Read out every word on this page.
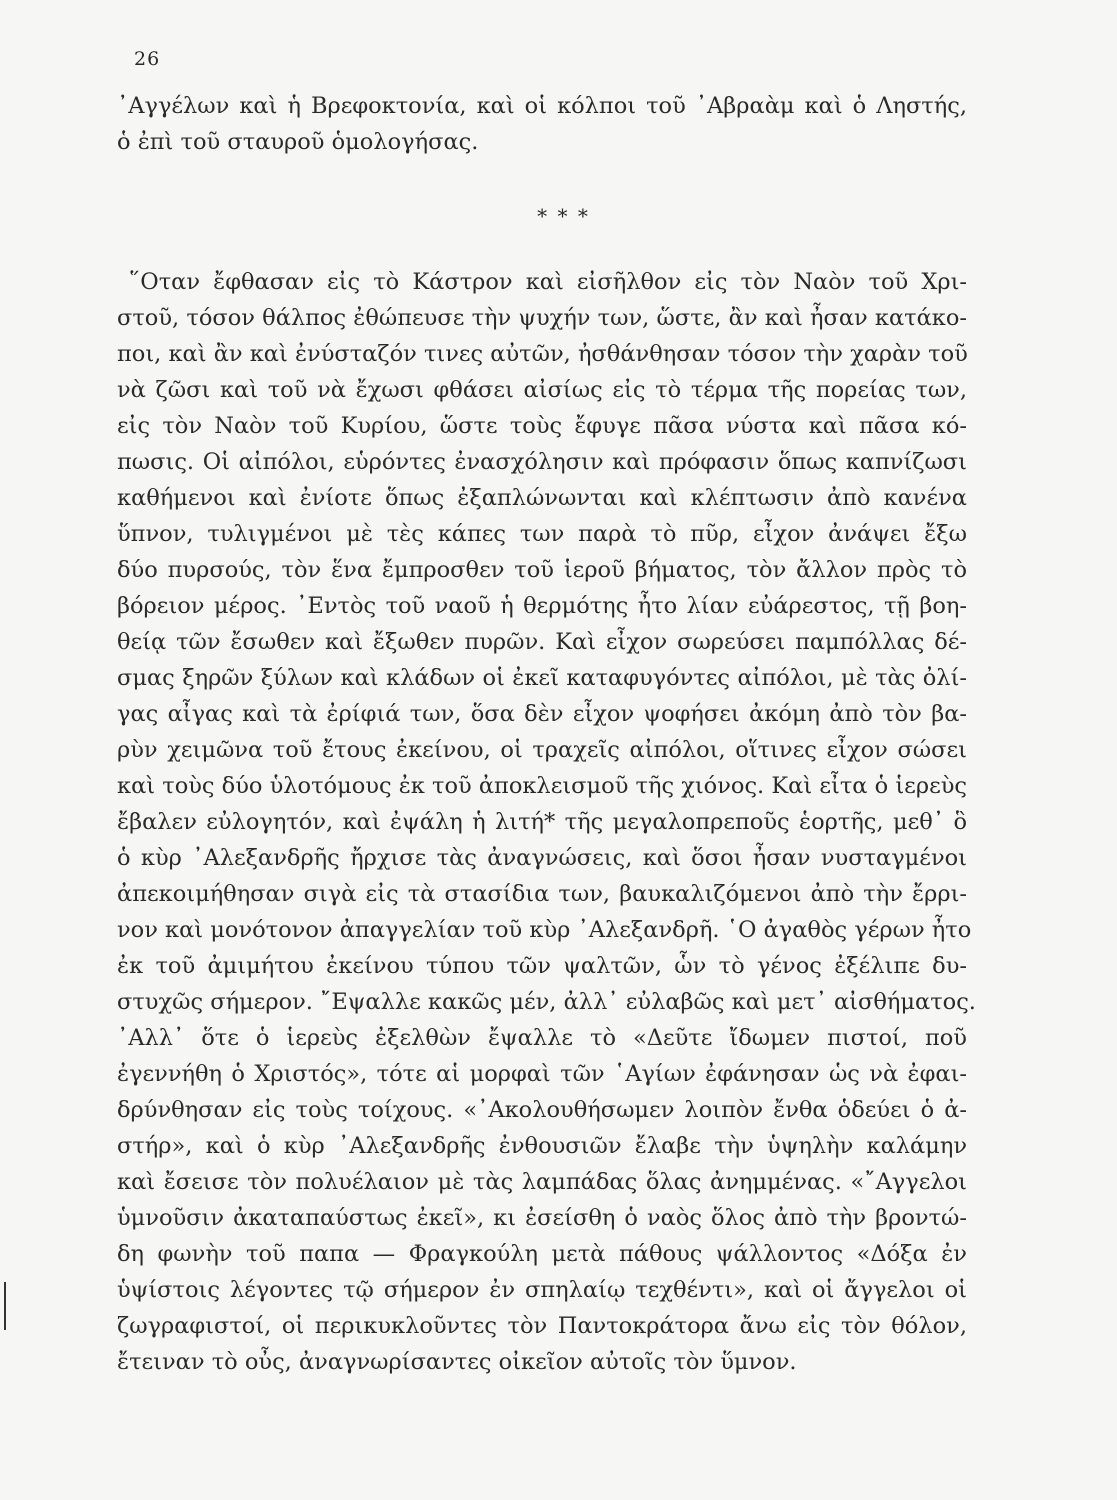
26
᾿Αγγέλων καὶ ἡ Βρεφοκτονία, καὶ οἱ κόλποι τοῦ ᾿Αβραὰμ καὶ ὁ Ληστής,
ὁ ἐπὶ τοῦ σταυροῦ ὁμολογήσας.
* * *
῞Οταν ἔφθασαν εἰς τὸ Κάστρον καὶ εἰσῆλθον εἰς τὸν Ναὸν τοῦ Χρι-
στοῦ, τόσον θάλπος ἐθώπευσε τὴν ψυχήν των, ὥστε, ἂν καὶ ἦσαν κατάκο-
ποι, καὶ ἂν καὶ ἐνύσταζόν τινες αὐτῶν, ἠσθάνθησαν τόσον τὴν χαρὰν τοῦ
νὰ ζῶσι καὶ τοῦ νὰ ἔχωσι φθάσει αἰσίως εἰς τὸ τέρμα τῆς πορείας των,
εἰς τὸν Ναὸν τοῦ Κυρίου, ὥστε τοὺς ἔφυγε πᾶσα νύστα καὶ πᾶσα κό-
πωσις. Οἱ αἰπόλοι, εὑρόντες ἐνασχόλησιν καὶ πρόφασιν ὅπως καπνίζωσι
καθήμενοι καὶ ἐνίοτε ὅπως ἐξαπλώνωνται καὶ κλέπτωσιν ἀπὸ κανένα
ὕπνον, τυλιγμένοι μὲ τὲς κάπες των παρὰ τὸ πῦρ, εἶχον ἀνάψει ἔξω
δύο πυρσούς, τὸν ἕνα ἔμπροσθεν τοῦ ἱεροῦ βήματος, τὸν ἄλλον πρὸς τὸ
βόρειον μέρος. ᾿Εντὸς τοῦ ναοῦ ἡ θερμότης ἦτο λίαν εὐάρεστος, τῇ βοη-
θείᾳ τῶν ἔσωθεν καὶ ἔξωθεν πυρῶν. Καὶ εἶχον σωρεύσει παμπόλλας δέ-
σμας ξηρῶν ξύλων καὶ κλάδων οἱ ἐκεῖ καταφυγόντες αἰπόλοι, μὲ τὰς ὀλί-
γας αἶγας καὶ τὰ ἐρίφιά των, ὅσα δὲν εἶχον ψοφήσει ἀκόμη ἀπὸ τὸν βα-
ρὺν χειμῶνα τοῦ ἔτους ἐκείνου, οἱ τραχεῖς αἰπόλοι, οἵτινες εἶχον σώσει
καὶ τοὺς δύο ὑλοτόμους ἐκ τοῦ ἀποκλεισμοῦ τῆς χιόνος. Καὶ εἶτα ὁ ἱερεὺς
ἔβαλεν εὐλογητόν, καὶ ἐψάλη ἡ λιτή* τῆς μεγαλοπρεποῦς ἑορτῆς, μεθ᾿ ὃ
ὁ κὺρ ᾿Αλεξανδρῆς ἤρχισε τὰς ἀναγνώσεις, καὶ ὅσοι ἦσαν νυσταγμένοι
ἀπεκοιμήθησαν σιγὰ εἰς τὰ στασίδια των, βαυκαλιζόμενοι ἀπὸ τὴν ἔρρι-
νον καὶ μονότονον ἀπαγγελίαν τοῦ κὺρ ᾿Αλεξανδρῆ. ῾Ο ἀγαθὸς γέρων ἦτο
ἐκ τοῦ ἀμιμήτου ἐκείνου τύπου τῶν ψαλτῶν, ὧν τὸ γένος ἐξέλιπε δυ-
στυχῶς σήμερον. ῎Εψαλλε κακῶς μέν, ἀλλ᾿ εὐλαβῶς καὶ μετ᾿ αἰσθήματος.
᾿Αλλ᾿ ὅτε ὁ ἱερεὺς ἐξελθὼν ἔψαλλε τὸ «Δεῦτε ἴδωμεν πιστοί, ποῦ
ἐγεννήθη ὁ Χριστός», τότε αἱ μορφαὶ τῶν ῾Αγίων ἐφάνησαν ὡς νὰ ἐφαι-
δρύνθησαν εἰς τοὺς τοίχους. «᾿Ακολουθήσωμεν λοιπὸν ἔνθα ὁδεύει ὁ ἀ-
στήρ», καὶ ὁ κὺρ ᾿Αλεξανδρῆς ἐνθουσιῶν ἔλαβε τὴν ὑψηλὴν καλάμην
καὶ ἔσεισε τὸν πολυέλαιον μὲ τὰς λαμπάδας ὅλας ἀνημμένας. «῎Αγγελοι
ὑμνοῦσιν ἀκαταπαύστως ἐκεῖ», κι ἐσείσθη ὁ ναὸς ὅλος ἀπὸ τὴν βροντώ-
δη φωνὴν τοῦ παπα — Φραγκούλη μετὰ πάθους ψάλλοντος «Δόξα ἐν
ὑψίστοις λέγοντες τῷ σήμερον ἐν σπηλαίῳ τεχθέντι», καὶ οἱ ἄγγελοι οἱ
ζωγραφιστοί, οἱ περικυκλοῦντες τὸν Παντοκράτορα ἄνω εἰς τὸν θόλον,
ἔτειναν τὸ οὖς, ἀναγνωρίσαντες οἰκεῖον αὐτοῖς τὸν ὕμνον.
